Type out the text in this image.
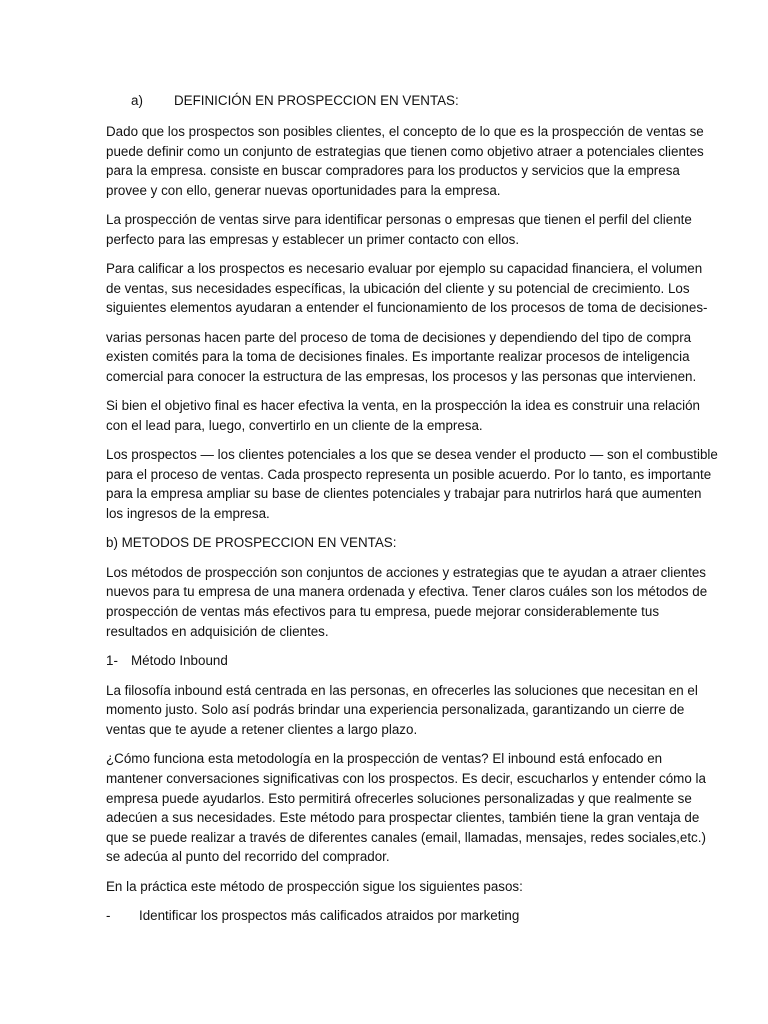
a) DEFINICIÓN EN PROSPECCION EN VENTAS:

Dado que los prospectos son posibles clientes, el concepto de lo que es la prospección de ventas se puede definir como un conjunto de estrategias que tienen como objetivo atraer a potenciales clientes para la empresa. consiste en buscar compradores para los productos y servicios que la empresa provee y con ello, generar nuevas oportunidades para la empresa.

La prospección de ventas sirve para identificar personas o empresas que tienen el perfil del cliente perfecto para las empresas y establecer un primer contacto con ellos.

Para calificar a los prospectos es necesario evaluar por ejemplo su capacidad financiera, el volumen de ventas, sus necesidades específicas, la ubicación del cliente y su potencial de crecimiento. Los siguientes elementos ayudaran a entender el funcionamiento de los procesos de toma de decisiones-

varias personas hacen parte del proceso de toma de decisiones y dependiendo del tipo de compra existen comités para la toma de decisiones finales. Es importante realizar procesos de inteligencia comercial para conocer la estructura de las empresas, los procesos y las personas que intervienen.

Si bien el objetivo final es hacer efectiva la venta, en la prospección la idea es construir una relación con el lead para, luego, convertirlo en un cliente de la empresa.

Los prospectos — los clientes potenciales a los que se desea vender el producto — son el combustible para el proceso de ventas. Cada prospecto representa un posible acuerdo. Por lo tanto, es importante para la empresa ampliar su base de clientes potenciales y trabajar para nutrirlos hará que aumenten los ingresos de la empresa.

b) METODOS DE PROSPECCION EN VENTAS:

Los métodos de prospección son conjuntos de acciones y estrategias que te ayudan a atraer clientes nuevos para tu empresa de una manera ordenada y efectiva. Tener claros cuáles son los métodos de prospección de ventas más efectivos para tu empresa, puede mejorar considerablemente tus resultados en adquisición de clientes.

1- Método Inbound

La filosofía inbound está centrada en las personas, en ofrecerles las soluciones que necesitan en el momento justo. Solo así podrás brindar una experiencia personalizada, garantizando un cierre de ventas que te ayude a retener clientes a largo plazo.

¿Cómo funciona esta metodología en la prospección de ventas? El inbound está enfocado en mantener conversaciones significativas con los prospectos. Es decir, escucharlos y entender cómo la empresa puede ayudarlos. Esto permitirá ofrecerles soluciones personalizadas y que realmente se adecúen a sus necesidades. Este método para prospectar clientes, también tiene la gran ventaja de que se puede realizar a través de diferentes canales (email, llamadas, mensajes, redes sociales,etc.) se adecúa al punto del recorrido del comprador.

En la práctica este método de prospección sigue los siguientes pasos:

- Identificar los prospectos más calificados atraidos por marketing
